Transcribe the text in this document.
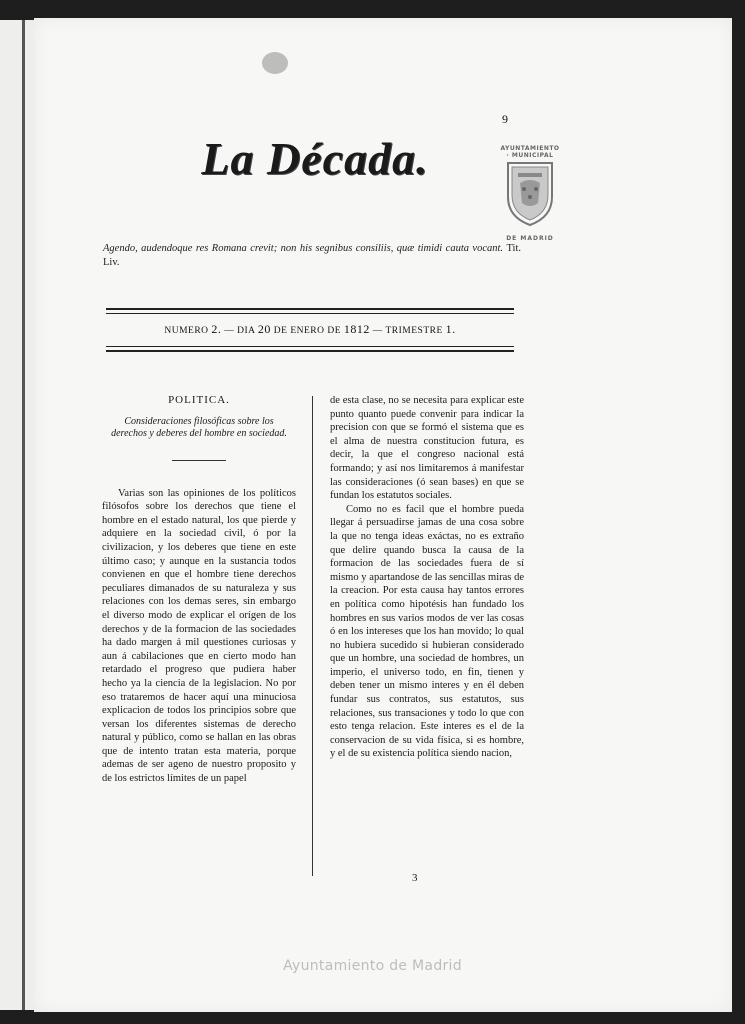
9
La Década.	AYUNTAMIENTO · MUNICIPAL
DE MADRID
Agendo, audendoque res Romana crevit; non his segnibus consiliis, quæ timidi cauta vocant. Tit. Liv.
NUMERO 2. — DIA 20 DE ENERO DE 1812 — TRIMESTRE 1.
POLITICA.
Consideraciones filosóficas sobre los derechos y deberes del hombre en sociedad.

Varias son las opiniones de los políticos filósofos sobre los derechos que tiene el hombre en el estado natural, los que pierde y adquiere en la sociedad civil, ó por la civilizacion, y los deberes que tiene en este último caso; y aunque en la sustancia todos convienen en que el hombre tiene derechos peculiares dimanados de su naturaleza y sus relaciones con los demas seres, sin embargo el diverso modo de explicar el orígen de los derechos y de la formacion de las sociedades ha dado margen á mil questiones curiosas y aun á cabilaciones que en cierto modo han retardado el progreso que pudiera haber hecho ya la ciencia de la legislacion. No por eso trataremos de hacer aquí una minuciosa explicacion de todos los principios sobre que versan los diferentes sistemas de derecho natural y público, como se hallan en las obras que de intento tratan esta materia, porque ademas de ser ageno de nuestro proposito y de los estrictos límites de un papel

de esta clase, no se necesita para explicar este punto quanto puede convenir para indicar la precision con que se formó el sistema que es el alma de nuestra constitucion futura, es decir, la que el congreso nacional está formando; y así nos limitaremos á manifestar las consideraciones (ó sean bases) en que se fundan los estatutos sociales.

Como no es facil que el hombre pueda llegar á persuadirse jamas de una cosa sobre la que no tenga ideas exáctas, no es extraño que delire quando busca la causa de la formacion de las sociedades fuera de sí mismo y apartandose de las sencillas miras de la creacion. Por esta causa hay tantos errores en política como hipotésis han fundado los hombres en sus varios modos de ver las cosas ó en los intereses que los han movido; lo qual no hubiera sucedido si hubieran considerado que un hombre, una sociedad de hombres, un imperio, el universo todo, en fin, tienen y deben tener un mismo interes y en él deben fundar sus contratos, sus estatutos, sus relaciones, sus transaciones y todo lo que con esto tenga relacion. Este interes es el de la conservacion de su vida física, si es hombre, y el de su existencia política siendo nacion,

3
Ayuntamiento de Madrid
